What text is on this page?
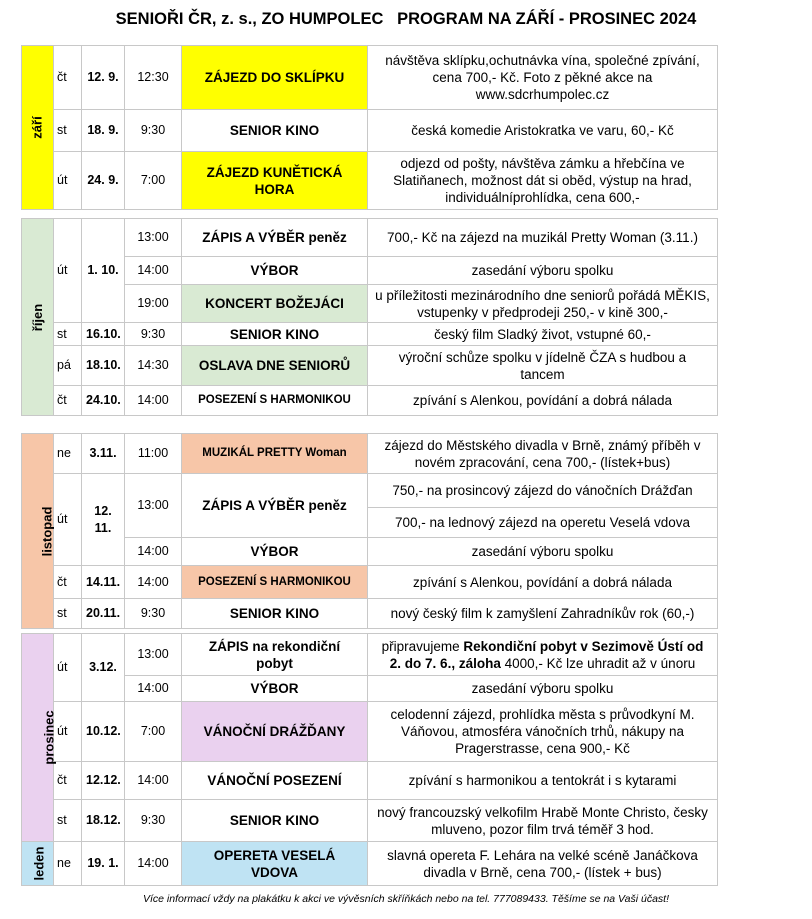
SENIOŘI ČR, z. s., ZO HUMPOLEC   PROGRAM NA ZÁŘÍ - PROSINEC 2024
září	čt	12. 9.	12:30	ZÁJEZD DO SKLÍPKU	návštěva sklípku,ochutnávka vína, společné zpívání,
cena 700,- Kč. Foto z pěkné akce na
www.sdcrhumpolec.cz
	st	18. 9.	9:30	SENIOR KINO	česká komedie Aristokratka ve varu, 60,- Kč
	út	24. 9.	7:00	ZÁJEZD KUNĚTICKÁ
HORA	odjezd od pošty, návštěva zámku a hřebčína ve
Slatiňanech, možnost dát si oběd, výstup na hrad,
individuálníprohlídka, cena 600,-
říjen	út	1. 10.	13:00	ZÁPIS A VÝBĚR peněz	700,- Kč na zájezd na muzikál Pretty Woman (3.11.)
			14:00	VÝBOR	zasedání výboru spolku
			19:00	KONCERT BOŽEJÁCI	u příležitosti mezinárodního dne seniorů pořádá MĚKIS,
vstupenky v předprodeji 250,- v kině 300,-
	st	16.10.	9:30	SENIOR KINO	český film Sladký život, vstupné 60,-
	pá	18.10.	14:30	OSLAVA DNE SENIORŮ	výroční schůze spolku v jídelně ČZA s hudbou a
tancem
	čt	24.10.	14:00	POSEZENÍ S HARMONIKOU	zpívání s Alenkou, povídání a dobrá nálada
listopad	ne	3.11.	11:00	MUZIKÁL PRETTY Woman	zájezd do Městského divadla v Brně, známý příběh v
novém zpracování, cena 700,- (lístek+bus)
	út	12. 11.	13:00	ZÁPIS A VÝBĚR peněz	750,- na prosincový zájezd do vánočních Drážďan
					700,- na lednový zájezd na operetu Veselá vdova
			14:00	VÝBOR	zasedání výboru spolku
	čt	14.11.	14:00	POSEZENÍ S HARMONIKOU	zpívání s Alenkou, povídání a dobrá nálada
	st	20.11.	9:30	SENIOR KINO	nový český film k zamyšlení Zahradníkův rok (60,-)
prosinec	út	3.12.	13:00	ZÁPIS na rekondiční
pobyt	připravujeme Rekondiční pobyt v Sezimově Ústí od
2. do 7. 6., záloha 4000,- Kč lze uhradit až v únoru
			14:00	VÝBOR	zasedání výboru spolku
	út	10.12.	7:00	VÁNOČNÍ DRÁŽĎANY	celodenní zájezd, prohlídka města s průvodkyní M.
Váňovou, atmosféra vánočních trhů, nákupy na
Pragerstrasse, cena 900,- Kč
	čt	12.12.	14:00	VÁNOČNÍ POSEZENÍ	zpívání s harmonikou a tentokrát i s kytarami
	st	18.12.	9:30	SENIOR KINO	nový francouzský velkofilm Hrabě Monte Christo, česky
mluveno, pozor film trvá téměř 3 hod.
leden	ne	19. 1.	14:00	OPERETA VESELÁ
VDOVA	slavná opereta F. Lehára na velké scéně Janáčkova
divadla v Brně, cena 700,- (lístek + bus)
Více informací vždy na plakátku k akci ve vývěsních skříňkách nebo na tel. 777089433. Těšíme se na Vaši účast!
